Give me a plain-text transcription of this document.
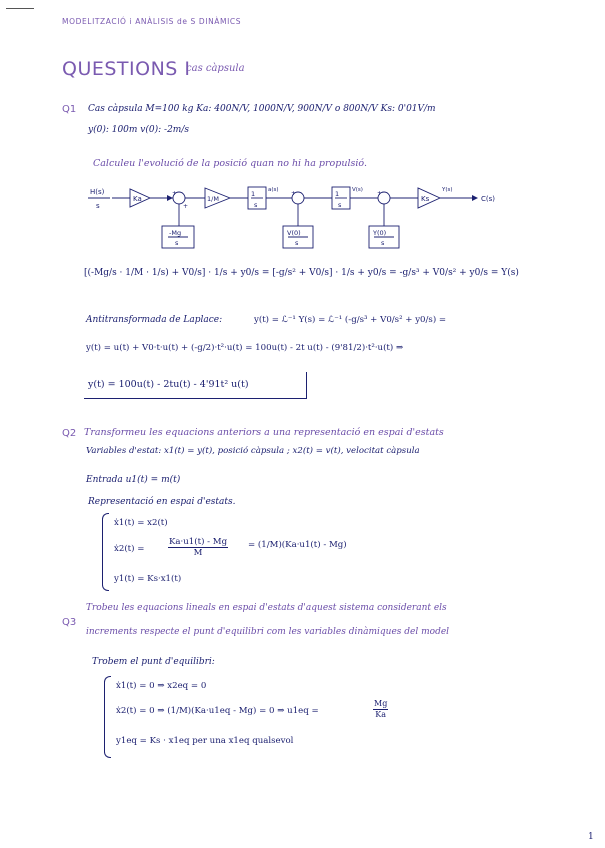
MODELITZACIÓ i ANÀLISIS de S DINÀMICS
QUESTIONS I
cas càpsula
Q1 Cas càpsula M=100 kg Ka: 400N/V, 1000N/V, 900N/V o 800N/V Ks: 0'01V/m
y(0): 100m v(0): -2m/s
Calculeu l'evolució de la posició quan no hi ha propulsió.
H(s)
s
Ka	1/M
1
s
1
s
Ks
a(s)	V(s)	Y(s)
C(s)
-Mg
s
V(0)
s
Y(0)
s
+
+
+	+
[(-Mg/s · 1/M · 1/s) + V0/s] · 1/s + y0/s = [-g/s² + V0/s] · 1/s + y0/s = -g/s³ + V0/s² + y0/s = Y(s)
Antitransformada de Laplace:	y(t) = ℒ⁻¹ Y(s) = ℒ⁻¹ (-g/s³ + V0/s² + y0/s) =
y(t) = u(t) + V0·t·u(t) + (-g/2)·t²·u(t) = 100u(t) - 2t u(t) - (9'81/2)·t²·u(t) ⇒
y(t) = 100u(t) - 2tu(t) - 4'91t² u(t)
Q2 Transformeu les equacions anteriors a una representació en espai d'estats
Variables d'estat: x1(t) = y(t), posició càpsula ; x2(t) = v(t), velocitat càpsula
Entrada u1(t) = m(t)
Representació en espai d'estats.
ẋ1(t) = x2(t)
ẋ2(t) =	$\frac{Ka\cdot u1(t) - Mg}{M} = (1/M)(Ka\cdot u1(t) - Mg)$
y1(t) = Ks·x1(t)
Q3
Trobeu les equacions lineals en espai d'estats d'aquest sistema considerant els
increments respecte el punt d'equilibri com les variables dinàmiques del model
Trobem el punt d'equilibri:
ẋ1(t) = 0 ⇒ x2eq = 0
ẋ2(t) = 0 ⇒ (1/M)(Ka·u1eq - Mg) = 0 ⇒ u1eq =	$\frac{Mg}{Ka}$
y1eq = Ks · x1eq per una x1eq qualsevol
1
